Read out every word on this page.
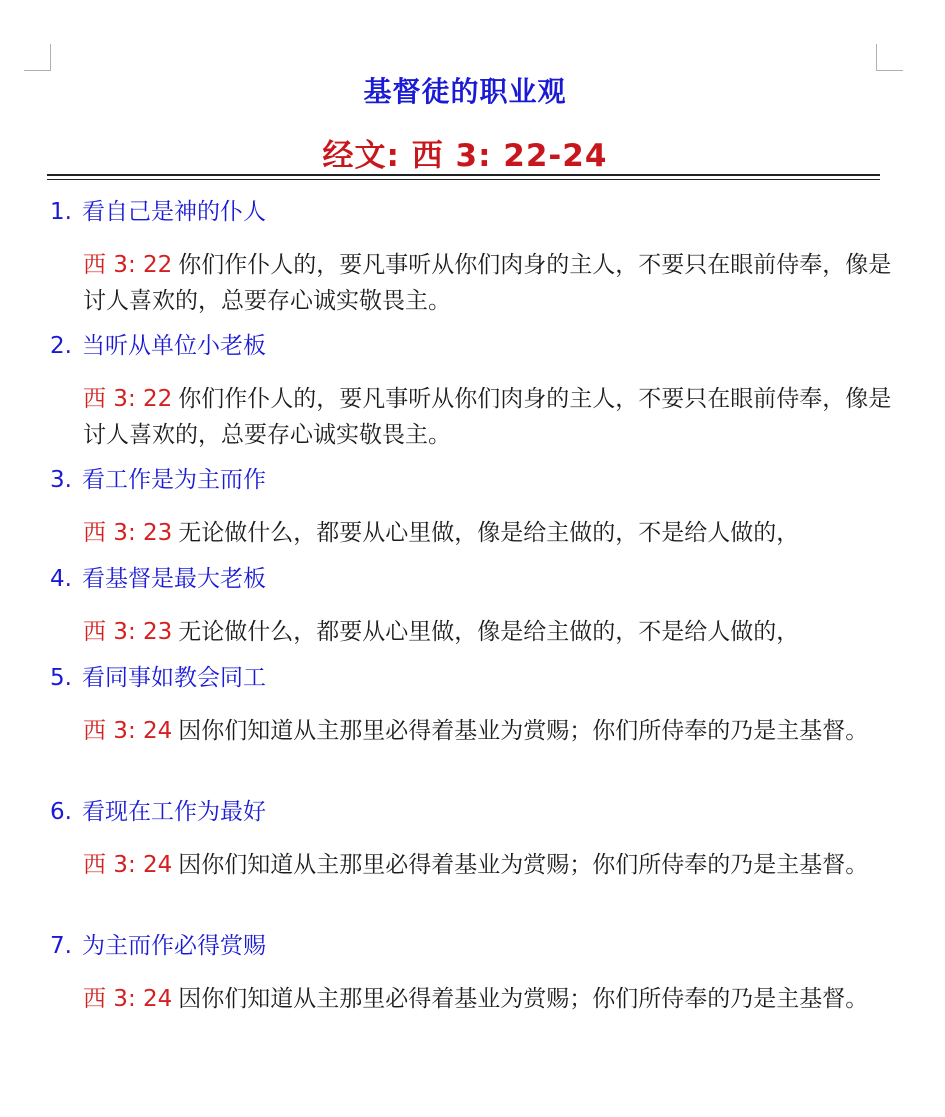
基督徒的职业观
经文: 西 3: 22-24
1. 看自己是神的仆人
西 3: 22 你们作仆人的，要凡事听从你们肉身的主人，不要只在眼前侍奉，像是讨人喜欢的，总要存心诚实敬畏主。
2. 当听从单位小老板
西 3: 22 你们作仆人的，要凡事听从你们肉身的主人，不要只在眼前侍奉，像是讨人喜欢的，总要存心诚实敬畏主。
3. 看工作是为主而作
西 3: 23 无论做什么，都要从心里做，像是给主做的，不是给人做的，
4. 看基督是最大老板
西 3: 23 无论做什么，都要从心里做，像是给主做的，不是给人做的，
5. 看同事如教会同工
西 3: 24 因你们知道从主那里必得着基业为赏赐；你们所侍奉的乃是主基督。
6. 看现在工作为最好
西 3: 24 因你们知道从主那里必得着基业为赏赐；你们所侍奉的乃是主基督。
7. 为主而作必得赏赐
西 3: 24 因你们知道从主那里必得着基业为赏赐；你们所侍奉的乃是主基督。
